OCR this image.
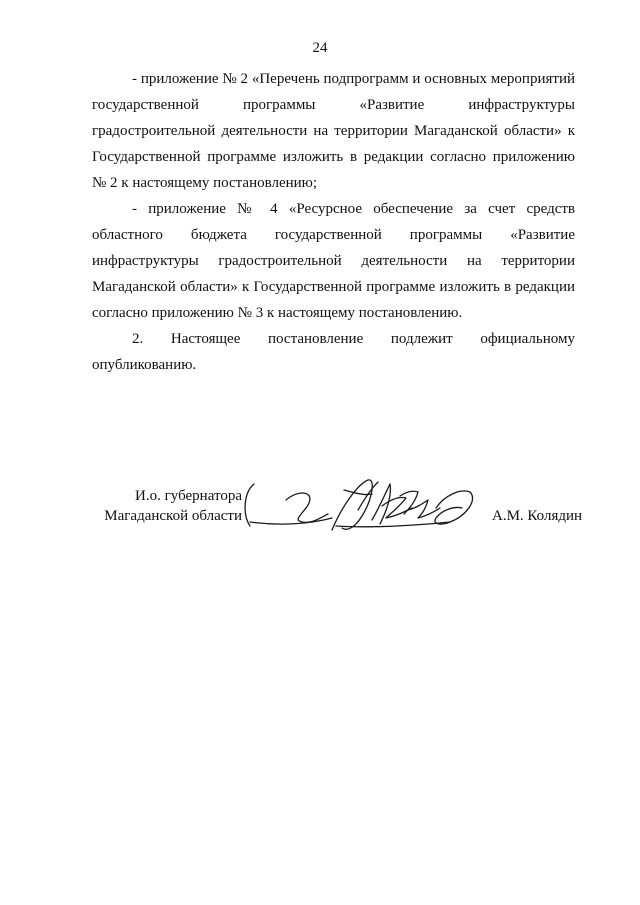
24

- приложение № 2 «Перечень подпрограмм и основных мероприятий государственной программы «Развитие инфраструктуры градостроительной деятельности на территории Магаданской области» к Государственной программе изложить в редакции согласно приложению № 2 к настоящему постановлению;

- приложение № 4 «Ресурсное обеспечение за счет средств областного бюджета государственной программы «Развитие инфраструктуры градостроительной деятельности на территории Магаданской области» к Государственной программе изложить в редакции согласно приложению № 3 к настоящему постановлению.

2. Настоящее постановление подлежит официальному опубликованию.

И.о. губернатора
Магаданской области	А.М. Колядин
